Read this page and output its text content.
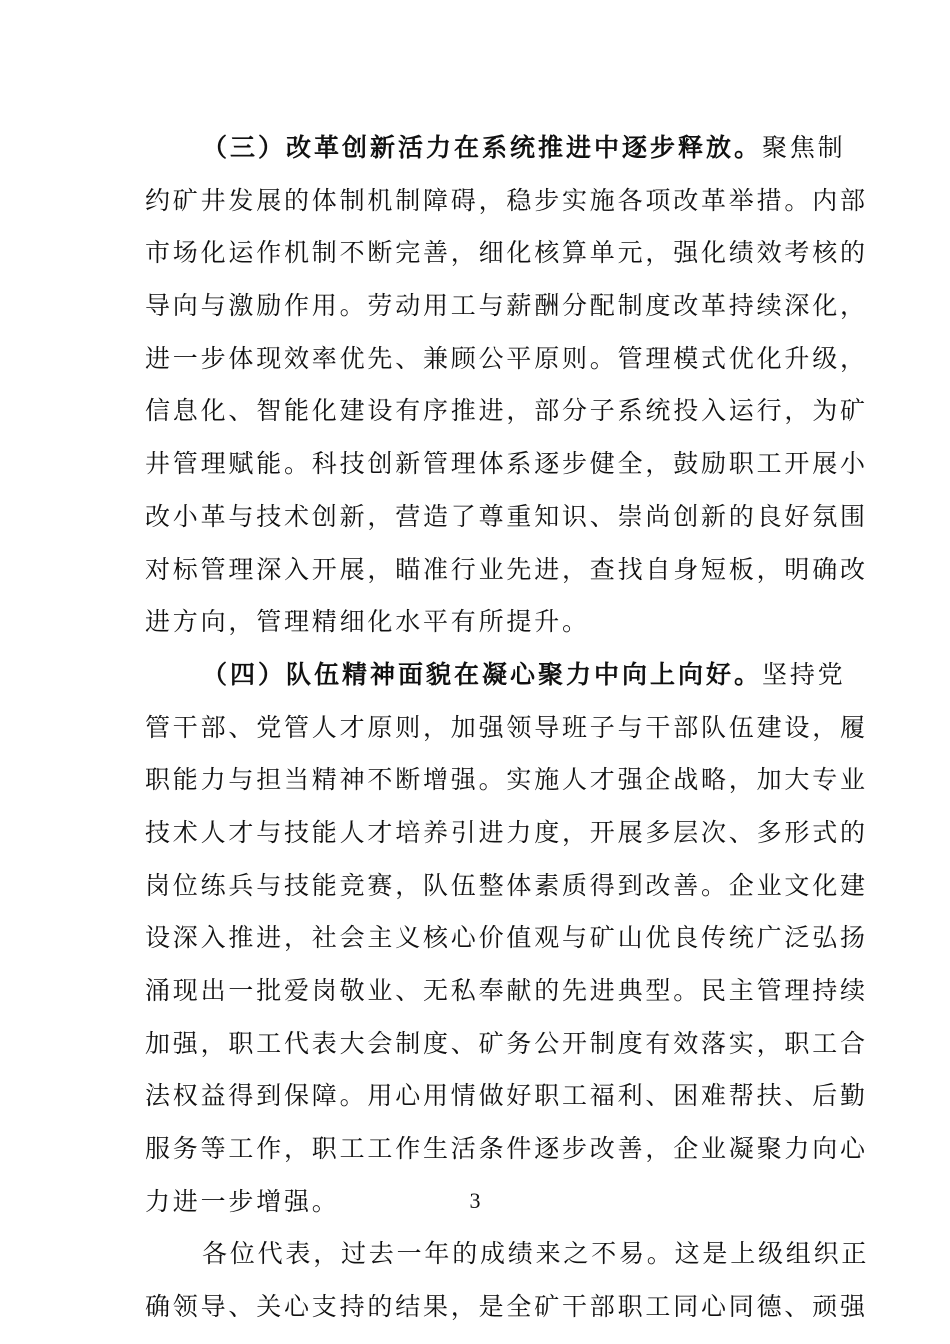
（三）改革创新活力在系统推进中逐步释放。聚焦制
约矿井发展的体制机制障碍，稳步实施各项改革举措。内部
市场化运作机制不断完善，细化核算单元，强化绩效考核的
导向与激励作用。劳动用工与薪酬分配制度改革持续深化，
进一步体现效率优先、兼顾公平原则。管理模式优化升级，
信息化、智能化建设有序推进，部分子系统投入运行，为矿
井管理赋能。科技创新管理体系逐步健全，鼓励职工开展小
改小革与技术创新，营造了尊重知识、崇尚创新的良好氛围
对标管理深入开展，瞄准行业先进，查找自身短板，明确改
进方向，管理精细化水平有所提升。
（四）队伍精神面貌在凝心聚力中向上向好。坚持党
管干部、党管人才原则，加强领导班子与干部队伍建设，履
职能力与担当精神不断增强。实施人才强企战略，加大专业
技术人才与技能人才培养引进力度，开展多层次、多形式的
岗位练兵与技能竞赛，队伍整体素质得到改善。企业文化建
设深入推进，社会主义核心价值观与矿山优良传统广泛弘扬
涌现出一批爱岗敬业、无私奉献的先进典型。民主管理持续
加强，职工代表大会制度、矿务公开制度有效落实，职工合
法权益得到保障。用心用情做好职工福利、困难帮扶、后勤
服务等工作，职工工作生活条件逐步改善，企业凝聚力向心
力进一步增强。
各位代表，过去一年的成绩来之不易。这是上级组织正
确领导、关心支持的结果，是全矿干部职工同心同德、顽强
3
